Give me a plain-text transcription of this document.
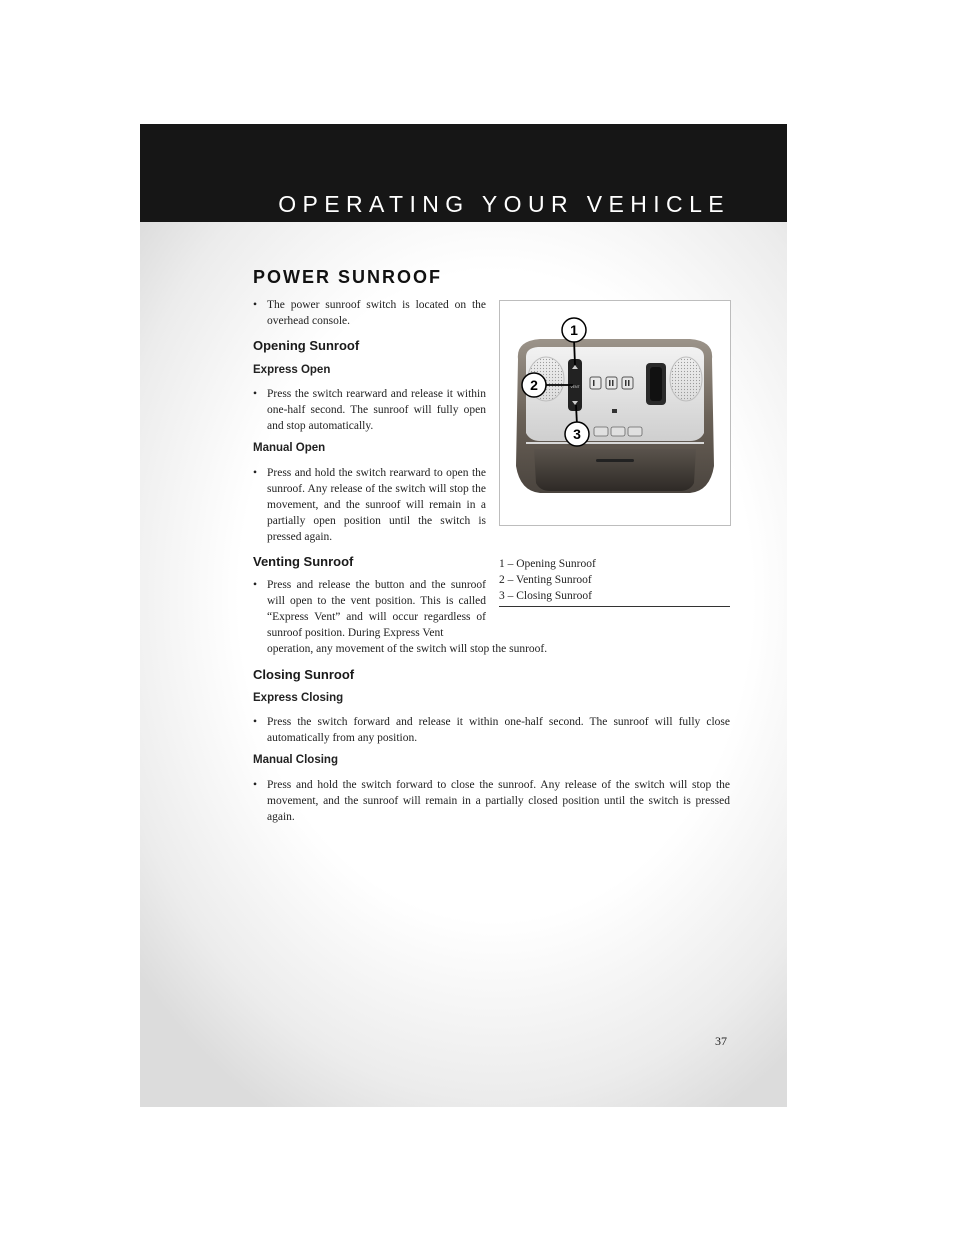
OPERATING YOUR VEHICLE
POWER SUNROOF
• The power sunroof switch is located on the overhead console.
Opening Sunroof
Express Open
• Press the switch rearward and release it within one-half second. The sunroof will fully open and stop automatically.
Manual Open
• Press and hold the switch rearward to open the sunroof. Any release of the switch will stop the movement, and the sunroof will remain in a partially open position until the switch is pressed again.
Venting Sunroof
• Press and release the button and the sunroof will open to the vent position. This is called “Express Vent” and will occur regardless of sunroof position. During Express Vent
operation, any movement of the switch will stop the sunroof.
Closing Sunroof
Express Closing
• Press the switch forward and release it within one-half second. The sunroof will fully close automatically from any position.
Manual Closing
• Press and hold the switch forward to close the sunroof. Any release of the switch will stop the movement, and the sunroof will remain in a partially closed position until the switch is pressed again.
VENT
1
2
3
1 – Opening Sunroof
2 – Venting Sunroof
3 – Closing Sunroof
37
